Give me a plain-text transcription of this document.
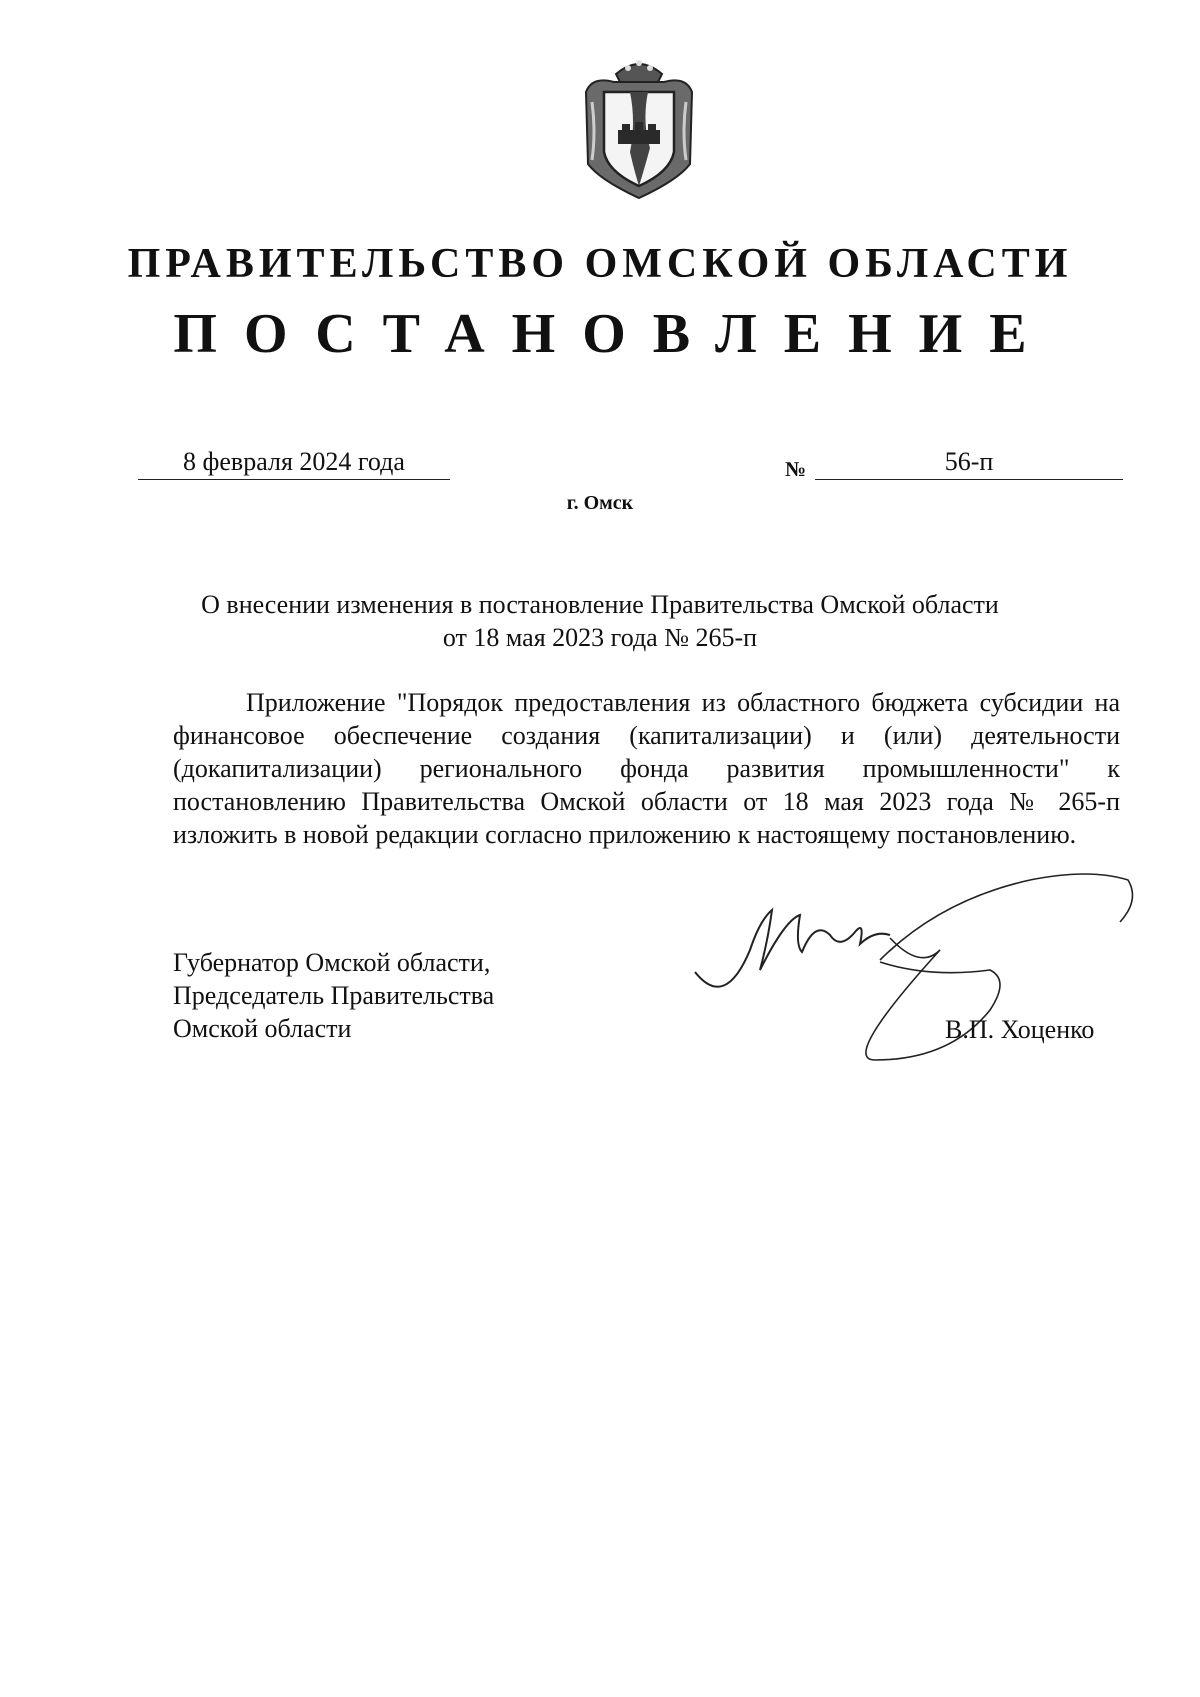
ПРАВИТЕЛЬСТВО ОМСКОЙ ОБЛАСТИ
ПОСТАНОВЛЕНИЕ
8 февраля 2024 года	№	56-п
г. Омск
О внесении изменения в постановление Правительства Омской области
от 18 мая 2023 года № 265-п
Приложение "Порядок предоставления из областного бюджета субсидии на финансовое обеспечение создания (капитализации) и (или) деятельности (докапитализации) регионального фонда развития промышленности" к постановлению Правительства Омской области от 18 мая 2023 года № 265-п изложить в новой редакции согласно приложению к настоящему постановлению.
Губернатор Омской области,
Председатель Правительства
Омской области	В.П. Хоценко
